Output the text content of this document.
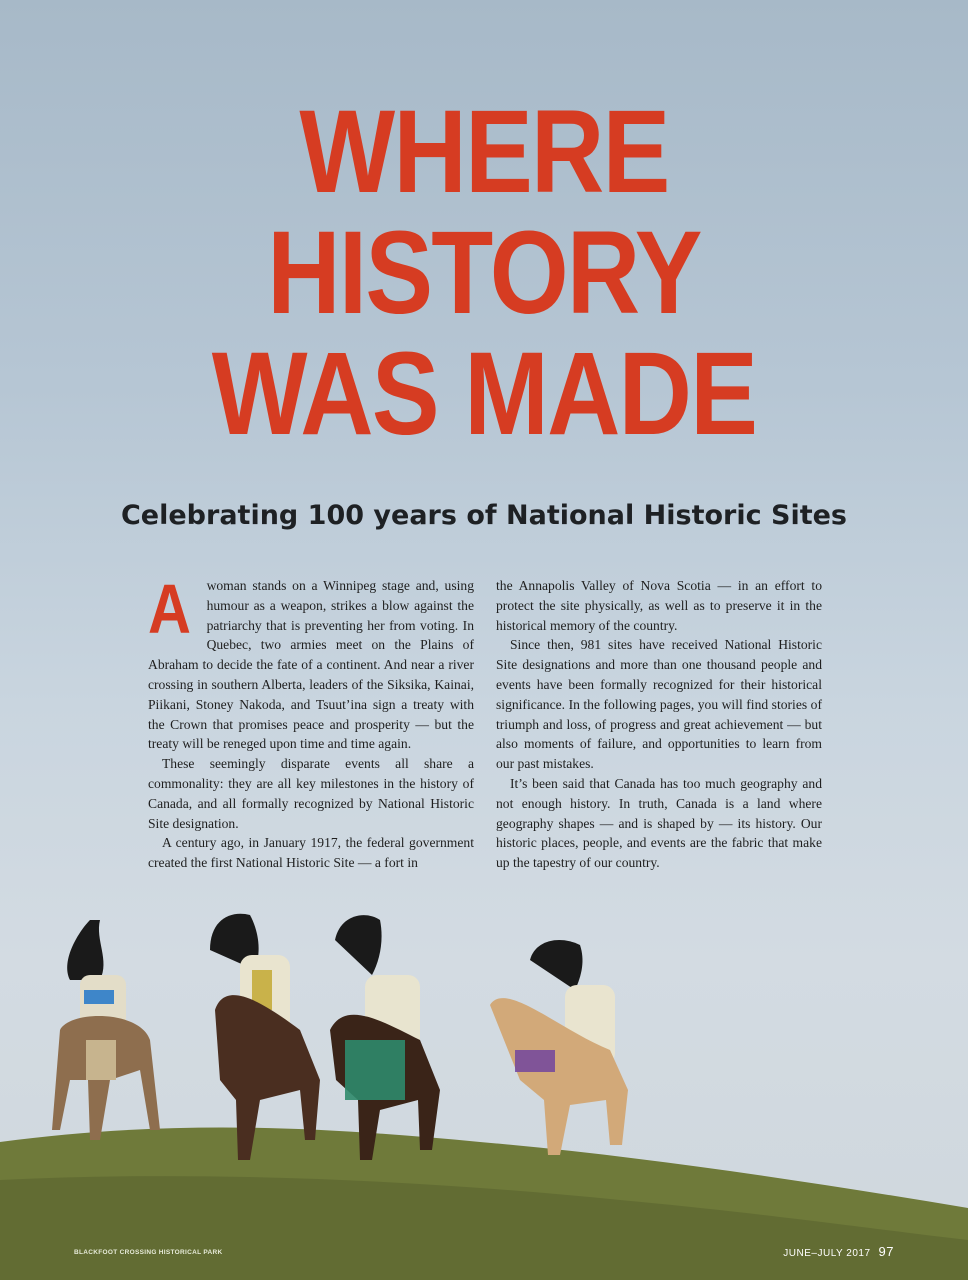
WHERE
HISTORY
WAS MADE
Celebrating 100 years of National Historic Sites

A woman stands on a Winnipeg stage and, using humour as a weapon, strikes a blow against the patriarchy that is preventing her from voting. In Quebec, two armies meet on the Plains of Abraham to decide the fate of a continent. And near a river crossing in southern Alberta, leaders of the Siksika, Kainai, Piikani, Stoney Nakoda, and Tsuut’ina sign a treaty with the Crown that promises peace and prosperity — but the treaty will be reneged upon time and time again.

These seemingly disparate events all share a commonality: they are all key milestones in the history of Canada, and all formally recognized by National Historic Site designation.

A century ago, in January 1917, the federal government created the first National Historic Site — a fort in

the Annapolis Valley of Nova Scotia — in an effort to protect the site physically, as well as to preserve it in the historical memory of the country.

Since then, 981 sites have received National Historic Site designations and more than one thousand people and events have been formally recognized for their historical significance. In the following pages, you will find stories of triumph and loss, of progress and great achievement — but also moments of failure, and opportunities to learn from our past mistakes.

It’s been said that Canada has too much geography and not enough history. In truth, Canada is a land where geography shapes — and is shaped by — its history. Our historic places, people, and events are the fabric that make up the tapestry of our country.

BLACKFOOT CROSSING HISTORICAL PARK	JUNE–JULY 2017 97
